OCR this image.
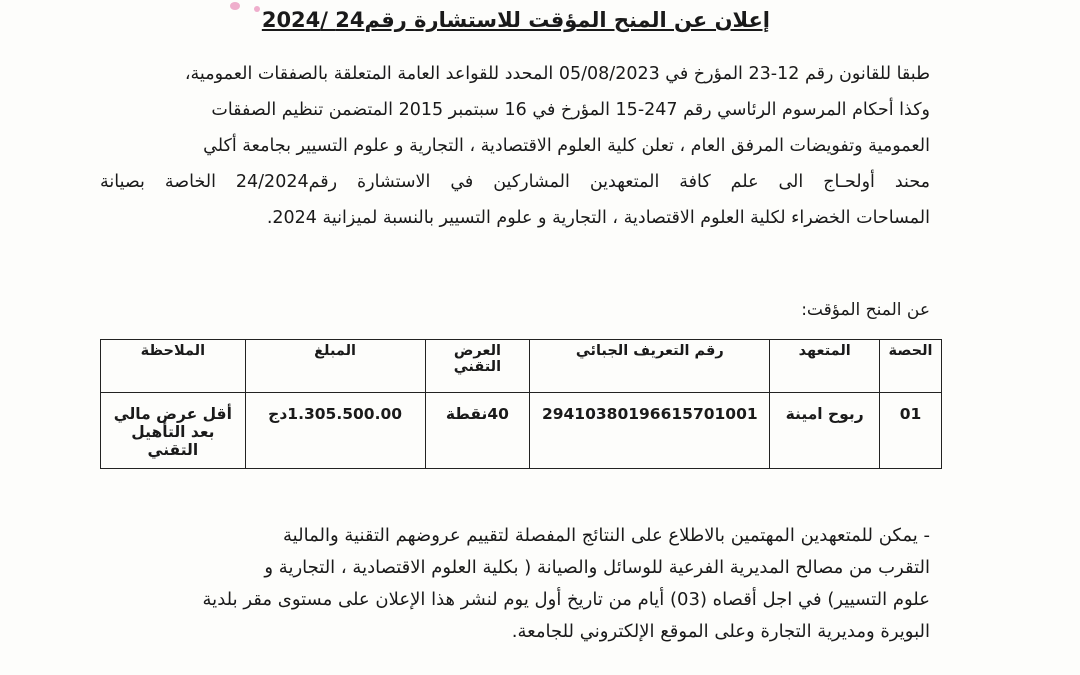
إعلان عن المنح المؤقت للاستشارة رقم24 /2024
طبقا للقانون رقم 12-23 المؤرخ في 05/08/2023 المحدد للقواعد العامة المتعلقة بالصفقات العمومية،
وكذا أحكام المرسوم الرئاسي رقم 247-15 المؤرخ في 16 سبتمبر 2015 المتضمن تنظيم الصفقات
العمومية وتفويضات المرفق العام ، تعلن كلية العلوم الاقتصادية ، التجارية و علوم التسيير بجامعة أكلي
محند أولحـاج الى علم كافة المتعهدين المشاركين في الاستشارة رقم24/2024 الخاصة بصيانة
المساحات الخضراء لكلية العلوم الاقتصادية ، التجارية و علوم التسيير بالنسبة لميزانية 2024.
عن المنح المؤقت:
الحصة	المتعهد	رقم التعريف الجبائي	العرض التقني	المبلغ	الملاحظة
01	ربوح امينة	29410380196615701001	40نقطة	1.305.500.00دج	أقل عرض مالي بعد التأهيل التقني
- يمكن للمتعهدين المهتمين بالاطلاع على النتائج المفصلة لتقييم عروضهم التقنية والمالية
التقرب من مصالح المديرية الفرعية للوسائل والصيانة ( بكلية العلوم الاقتصادية ، التجارية و
علوم التسيير) في اجل أقصاه (03) أيام من تاريخ أول يوم لنشر هذا الإعلان على مستوى مقر بلدية
البويرة ومديرية التجارة وعلى الموقع الإلكتروني للجامعة.
